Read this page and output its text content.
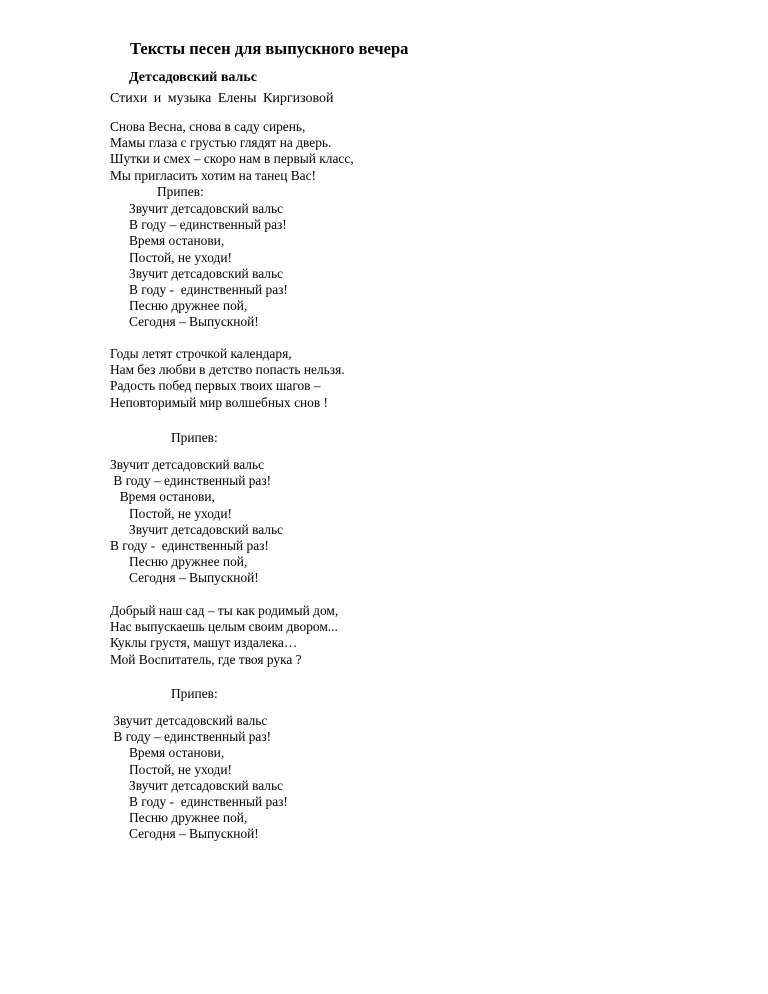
Тексты песен для выпускного вечера
Детсадовский вальс
Стихи и музыка Елены Киргизовой
Снова Весна, снова в саду сирень,
Мамы глаза с грустью глядят на дверь.
Шутки и смех – скоро нам в первый класс,
Мы пригласить хотим на танец Вас!
Припев:
Звучит детсадовский вальс
В году – единственный раз!
Время останови,
Постой, не уходи!
Звучит детсадовский вальс
В году -  единственный раз!
Песню дружнее пой,
Сегодня – Выпускной!
Годы летят строчкой календаря,
Нам без любви в детство попасть нельзя.
Радость побед первых твоих шагов –
Неповторимый мир волшебных снов !
Припев:
Звучит детсадовский вальс
В году – единственный раз!
Время останови,
Постой, не уходи!
Звучит детсадовский вальс
В году -  единственный раз!
Песню дружнее пой,
Сегодня – Выпускной!
Добрый наш сад – ты как родимый дом,
Нас выпускаешь целым своим двором...
Куклы грустя, машут издалека…
Мой Воспитатель, где твоя рука ?
Припев:
Звучит детсадовский вальс
В году – единственный раз!
Время останови,
Постой, не уходи!
Звучит детсадовский вальс
В году -  единственный раз!
Песню дружнее пой,
Сегодня – Выпускной!
